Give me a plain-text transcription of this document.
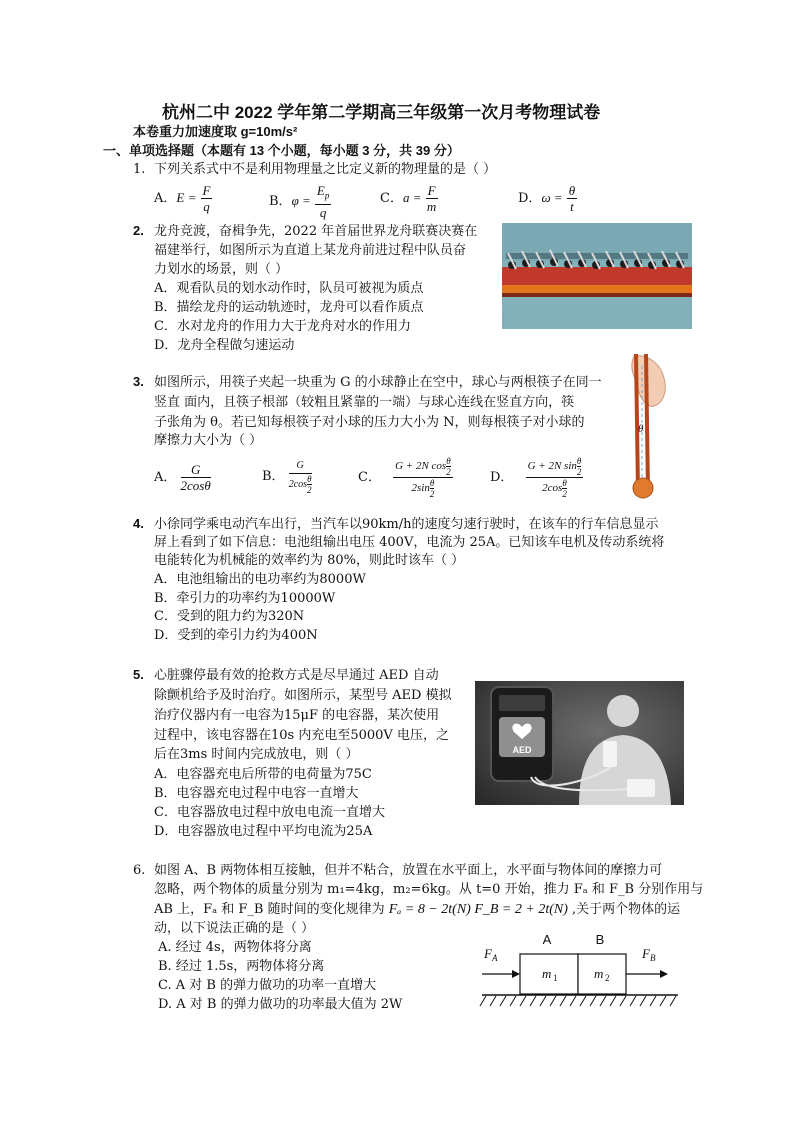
杭州二中 2022 学年第二学期高三年级第一次月考物理试卷
本卷重力加速度取 g=10m/s²
一、单项选择题（本题有 13 个小题，每小题 3 分，共 39 分）
1. 下列关系式中不是利用物理量之比定义新的物理量的是（ ）
A．$E = \frac{F}{q}$	B．$\varphi = \frac{E_p}{q}$	C．$a = \frac{F}{m}$	D．$\omega = \frac{\theta}{t}$
2. 龙舟竞渡，奋楫争先，2022 年首届世界龙舟联赛决赛在
福建举行，如图所示为直道上某龙舟前进过程中队员奋
力划水的场景，则（ ）
A．观看队员的划水动作时，队员可被视为质点
B．描绘龙舟的运动轨迹时，龙舟可以看作质点
C．水对龙舟的作用力大于龙舟对水的作用力
D．龙舟全程做匀速运动
3. 如图所示，用筷子夹起一块重为 G 的小球静止在空中，球心与两根筷子在同一
竖直 面内，且筷子根部（较粗且紧靠的一端）与球心连线在竖直方向，筷
子张角为 θ。若已知每根筷子对小球的压力大小为 N，则每根筷子对小球的
摩擦力大小为（ ）
A． $\frac{G}{2\cos\theta}$	B． $\frac{G}{2\cos \frac{\theta}{2}}$	C． $\frac{G + 2N \cos \frac{\theta}{2}}{2\sin \frac{\theta}{2}}$	D． $\frac{G + 2N \sin \frac{\theta}{2}}{2\cos \frac{\theta}{2}}$
θ
4. 小徐同学乘电动汽车出行，当汽车以90km/h的速度匀速行驶时，在该车的行车信息显示
屏上看到了如下信息：电池组输出电压 400V，电流为 25A。已知该车电机及传动系统将
电能转化为机械能的效率约为 80%，则此时该车（ ）
A．电池组输出的电功率约为8000W
B．牵引力的功率约为10000W
C．受到的阻力约为320N
D．受到的牵引力约为400N
5. 心脏骤停最有效的抢救方式是尽早通过 AED 自动
除颤机给予及时治疗。如图所示，某型号 AED 模拟
治疗仪器内有一电容为15μF 的电容器，某次使用
过程中，该电容器在10s 内充电至5000V 电压，之
后在3ms 时间内完成放电，则（ ）
A．电容器充电后所带的电荷量为75C
B．电容器充电过程中电容一直增大
C．电容器放电过程中放电电流一直增大
D．电容器放电过程中平均电流为25A
AED
6. 如图 A、B 两物体相互接触，但并不粘合，放置在水平面上，水平面与物体间的摩擦力可
忽略，两个物体的质量分别为 m₁=4kg，m₂=6kg。从 t=0 开始，推力 Fₐ 和 F_B 分别作用与
AB 上，Fₐ 和 F_B 随时间的变化规律为 Fₐ = 8 − 2t(N) F_B = 2 + 2t(N) ,关于两个物体的运
动，以下说法正确的是（ ）
A. 经过 4s，两物体将分离
B. 经过 1.5s，两物体将分离
C. A 对 B 的弹力做功的功率一直增大
D. A 对 B 的弹力做功的功率最大值为 2W
A	B
m 1	m 2
F A	F B
